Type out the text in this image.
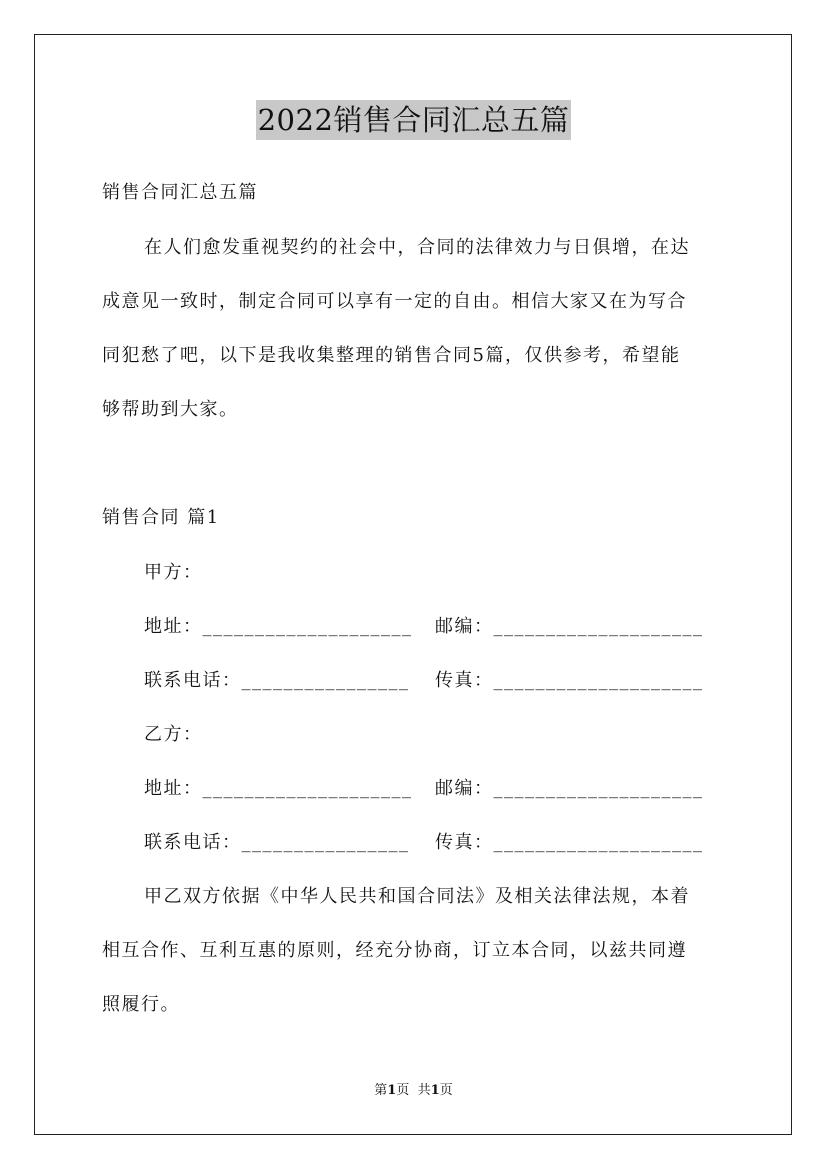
2022销售合同汇总五篇
销售合同汇总五篇
在人们愈发重视契约的社会中，合同的法律效力与日俱增，在达
成意见一致时，制定合同可以享有一定的自由。相信大家又在为写合
同犯愁了吧，以下是我收集整理的销售合同5篇，仅供参考，希望能
够帮助到大家。
销售合同 篇1
甲方：
地址：____________________ 邮编：____________________
联系电话：________________ 传真：____________________
乙方：
地址：____________________ 邮编：____________________
联系电话：________________ 传真：____________________
甲乙双方依据《中华人民共和国合同法》及相关法律法规，本着
相互合作、互利互惠的原则，经充分协商，订立本合同，以兹共同遵
照履行。
第1页 共1页
